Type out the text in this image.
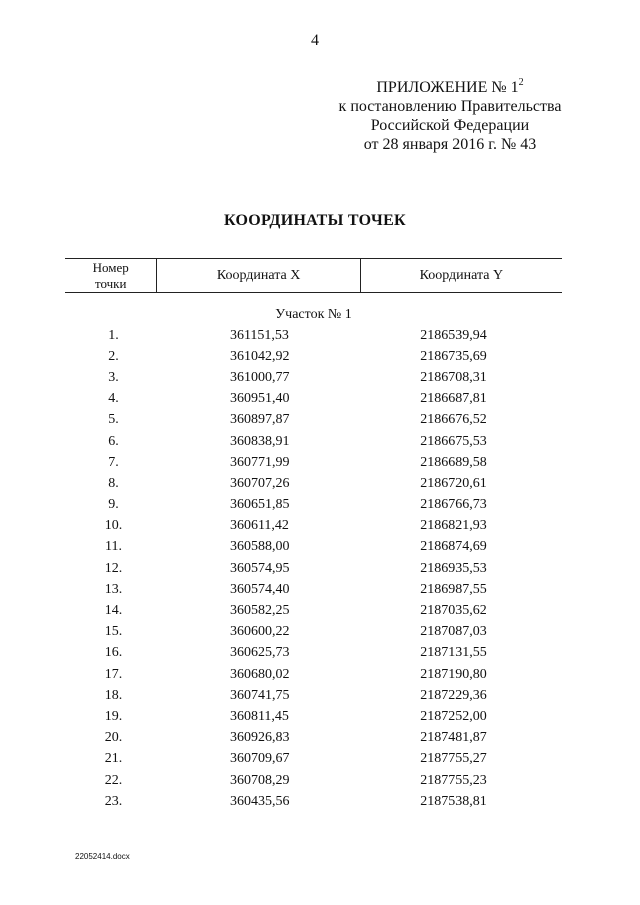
4
ПРИЛОЖЕНИЕ № $1^2$
к постановлению Правительства
Российской Федерации
от 28 января 2016 г. № 43
КООРДИНАТЫ ТОЧЕК
Номер
точки	Координата X	Координата Y
Участок № 1		
1.	361151,53	2186539,94
2.	361042,92	2186735,69
3.	361000,77	2186708,31
4.	360951,40	2186687,81
5.	360897,87	2186676,52
6.	360838,91	2186675,53
7.	360771,99	2186689,58
8.	360707,26	2186720,61
9.	360651,85	2186766,73
10.	360611,42	2186821,93
11.	360588,00	2186874,69
12.	360574,95	2186935,53
13.	360574,40	2186987,55
14.	360582,25	2187035,62
15.	360600,22	2187087,03
16.	360625,73	2187131,55
17.	360680,02	2187190,80
18.	360741,75	2187229,36
19.	360811,45	2187252,00
20.	360926,83	2187481,87
21.	360709,67	2187755,27
22.	360708,29	2187755,23
23.	360435,56	2187538,81
22052414.docx
